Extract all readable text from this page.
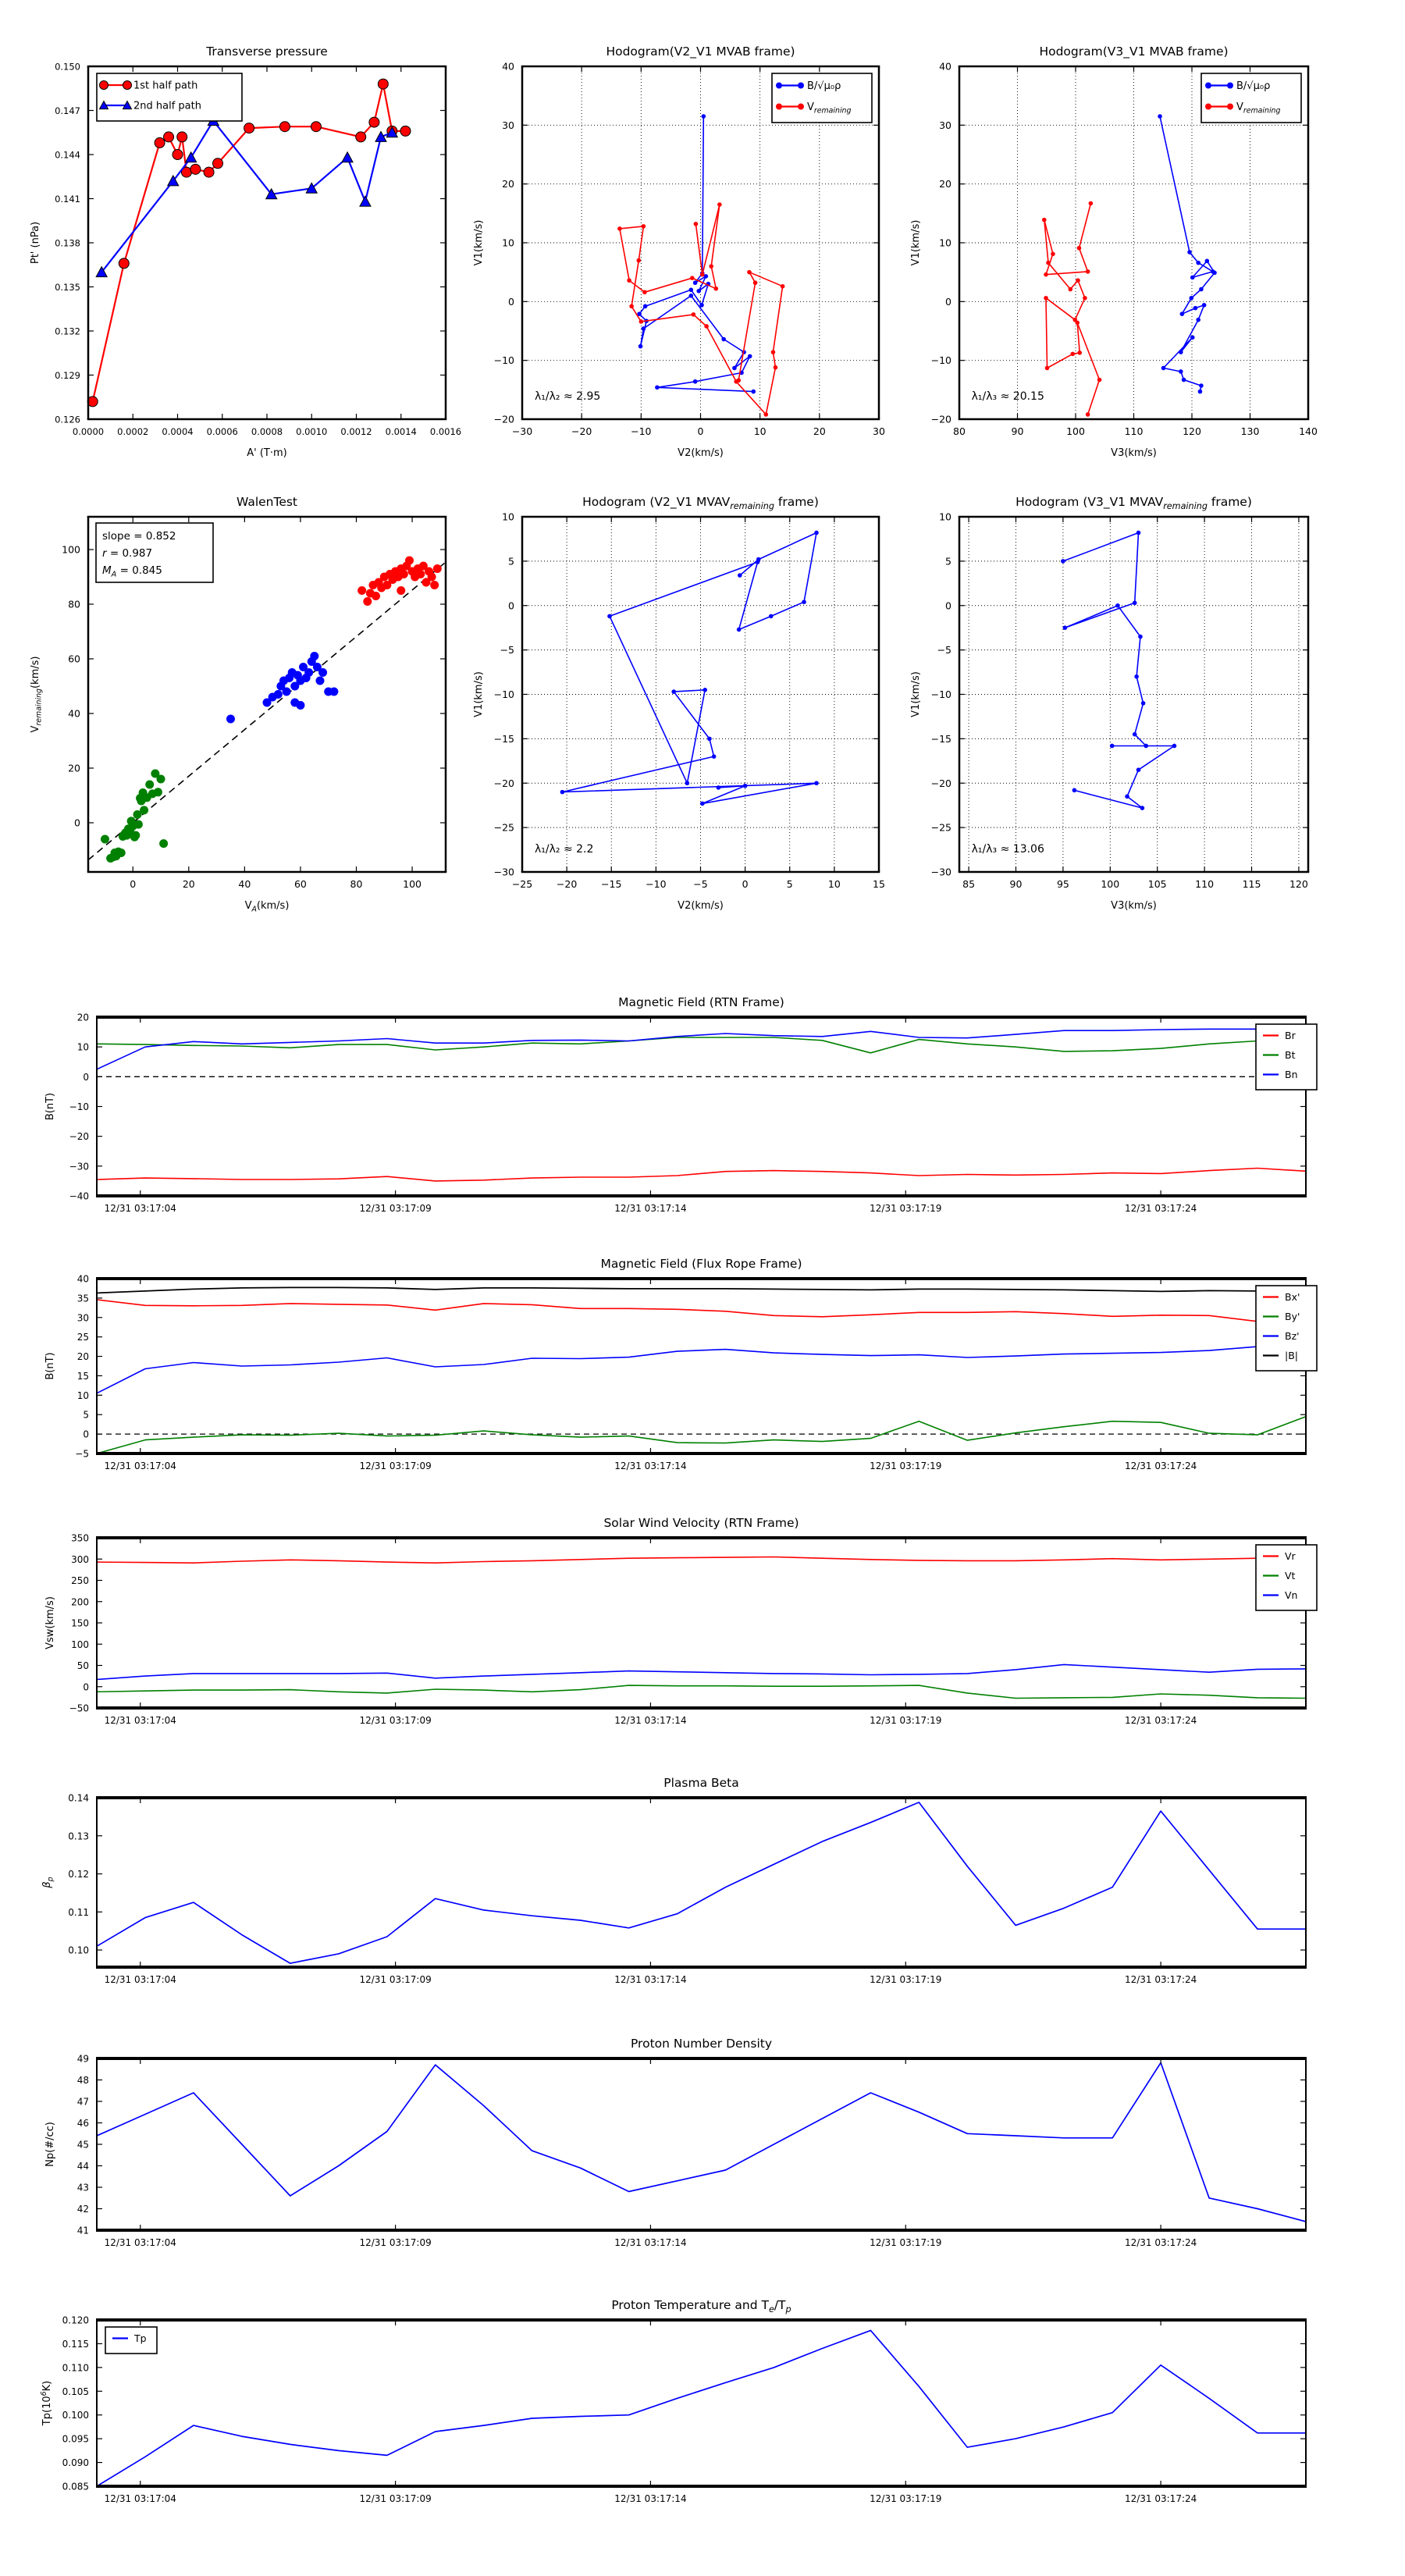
0.0000 0.0002 0.0004 0.0006 0.0008 0.0010 0.0012 0.0014 0.0016
0.126
0.129
0.132
0.135
0.138
0.141
0.144
0.147
0.150
Transverse pressure
A' (T·m)
Pt' (nPa)
1st half path
2nd half path
−30	−20	−10	0	10	20	30
−20
−10
0
10
20
30
40
Hodogram(V2_V1 MVAB frame)
V2(km/s)
V1(km/s)
λ₁/λ₂ ≈ 2.95
B/√μ₀ρ
$V_{remaining}$
80	90	100	110	120	130	140
−20
−10
0
10
20
30
40
Hodogram(V3_V1 MVAB frame)
V3(km/s)
V1(km/s)
λ₁/λ₃ ≈ 20.15
B/√μ₀ρ
$V_{remaining}$
0	20	40	60	80	100
0
20
40
60
80
100
WalenTest
$V_A(km/s)$
$V_{remaining}(km/s)$
slope = 0.852
r = 0.987
$M_A = 0.845$
−25 −20 −15 −10	−5	0	5	10	15
−30
−25
−20
−15
−10
−5
0
5
10
Hodogram (V2_V1 $MVAV_{remaining}$ frame)
V2(km/s)
V1(km/s)
λ₁/λ₂ ≈ 2.2
85	90	95	100	105	110	115	120
−30
−25
−20
−15
−10
−5
0
5
10
Hodogram (V3_V1 $MVAV_{remaining}$ frame)
V3(km/s)
V1(km/s)
λ₁/λ₃ ≈ 13.06
12/31 03:17:04	12/31 03:17:09	12/31 03:17:14	12/31 03:17:19	12/31 03:17:24
−40
−30
−20
−10
0
10
20
Magnetic Field (RTN Frame)
B(nT)
Br
Bt
Bn
12/31 03:17:04	12/31 03:17:09	12/31 03:17:14	12/31 03:17:19	12/31 03:17:24
−5
0
5
10
15
20
25
30
35
40
Magnetic Field (Flux Rope Frame)
B(nT)
Bx'
By'
Bz'
|B|
12/31 03:17:04	12/31 03:17:09	12/31 03:17:14	12/31 03:17:19	12/31 03:17:24
−50
0
50
100
150
200
250
300
350
Solar Wind Velocity (RTN Frame)
Vsw(km/s)
Vr
Vt
Vn
12/31 03:17:04	12/31 03:17:09	12/31 03:17:14	12/31 03:17:19	12/31 03:17:24
0.10
0.11
0.12
0.13
0.14
Plasma Beta
$\beta_p$
12/31 03:17:04	12/31 03:17:09	12/31 03:17:14	12/31 03:17:19	12/31 03:17:24
41
42
43
44
45
46
47
48
49
Proton Number Density
Np(#/cc)
12/31 03:17:04	12/31 03:17:09	12/31 03:17:14	12/31 03:17:19	12/31 03:17:24
0.085
0.090
0.095
0.100
0.105
0.110
0.115
0.120
Proton Temperature and $T_e/T_p$
$Tp(10^6K)$
Tp
